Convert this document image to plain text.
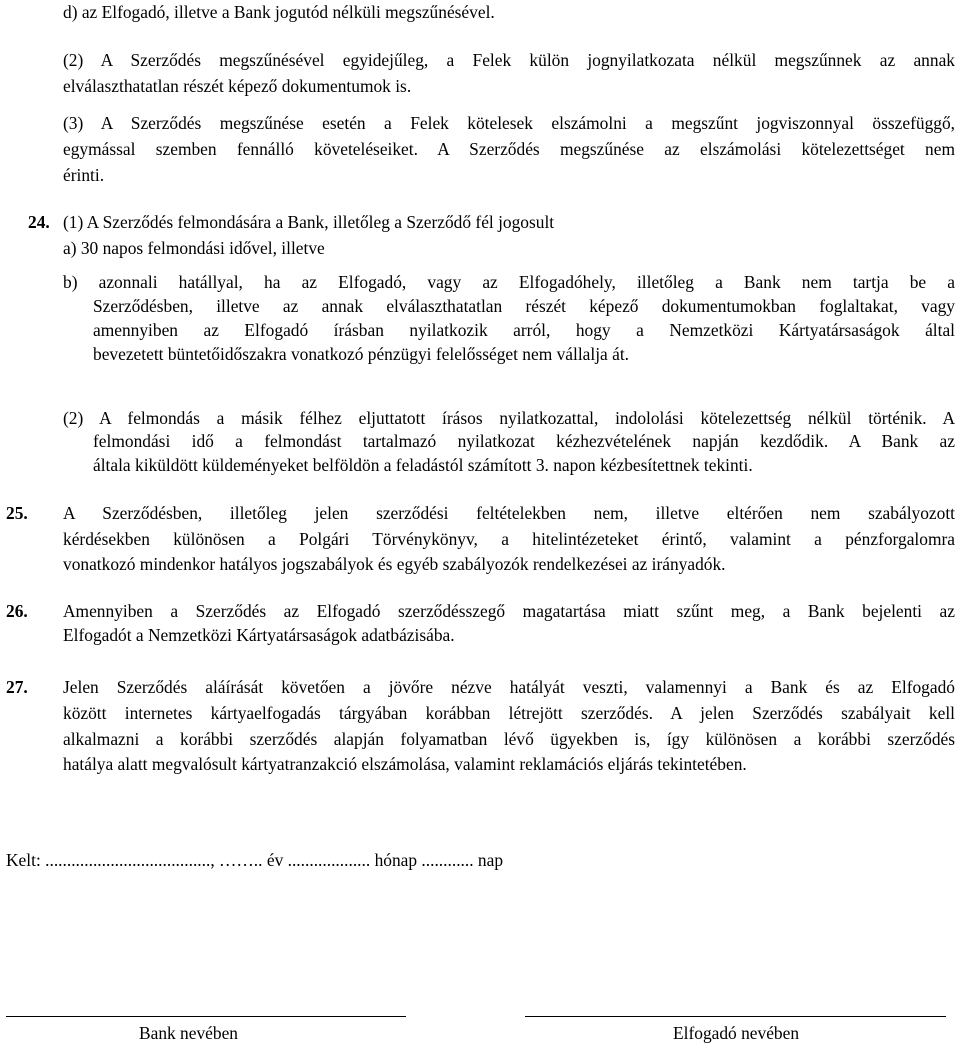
d) az Elfogadó, illetve a Bank jogutód nélküli megszűnésével.
(2) A Szerződés megszűnésével egyidejűleg, a Felek külön jognyilatkozata nélkül megszűnnek az annak
elválaszthatatlan részét képező dokumentumok is.
(3) A Szerződés megszűnése esetén a Felek kötelesek elszámolni a megszűnt jogviszonnyal összefüggő,
egymással szemben fennálló követeléseiket. A Szerződés megszűnése az elszámolási kötelezettséget nem
érinti.
24. (1) A Szerződés felmondására a Bank, illetőleg a Szerződő fél jogosult
a) 30 napos felmondási idővel, illetve
b) azonnali hatállyal, ha az Elfogadó, vagy az Elfogadóhely, illetőleg a Bank nem tartja be a
Szerződésben, illetve az annak elválaszthatatlan részét képező dokumentumokban foglaltakat, vagy
amennyiben az Elfogadó írásban nyilatkozik arról, hogy a Nemzetközi Kártyatársaságok által
bevezetett büntetőidőszakra vonatkozó pénzügyi felelősséget nem vállalja át.
(2) A felmondás a másik félhez eljuttatott írásos nyilatkozattal, indololási kötelezettség nélkül történik. A
felmondási idő a felmondást tartalmazó nyilatkozat kézhezvételének napján kezdődik. A Bank az
általa kiküldött küldeményeket belföldön a feladástól számított 3. napon kézbesítettnek tekinti.
25. A Szerződésben, illetőleg jelen szerződési feltételekben nem, illetve eltérően nem szabályozott
kérdésekben különösen a Polgári Törvénykönyv, a hitelintézeteket érintő, valamint a pénzforgalomra
vonatkozó mindenkor hatályos jogszabályok és egyéb szabályozók rendelkezései az irányadók.
26. Amennyiben a Szerződés az Elfogadó szerződésszegő magatartása miatt szűnt meg, a Bank bejelenti az
Elfogadót a Nemzetközi Kártyatársaságok adatbázisába.
27. Jelen Szerződés aláírását követően a jövőre nézve hatályát veszti, valamennyi a Bank és az Elfogadó
között internetes kártyaelfogadás tárgyában korábban létrejött szerződés. A jelen Szerződés szabályait kell
alkalmazni a korábbi szerződés alapján folyamatban lévő ügyekben is, így különösen a korábbi szerződés
hatálya alatt megvalósult kártyatranzakció elszámolása, valamint reklamációs eljárás tekintetében.
Kelt: ......................................, …….. év ................... hónap ............ nap
Bank nevében	Elfogadó nevében
